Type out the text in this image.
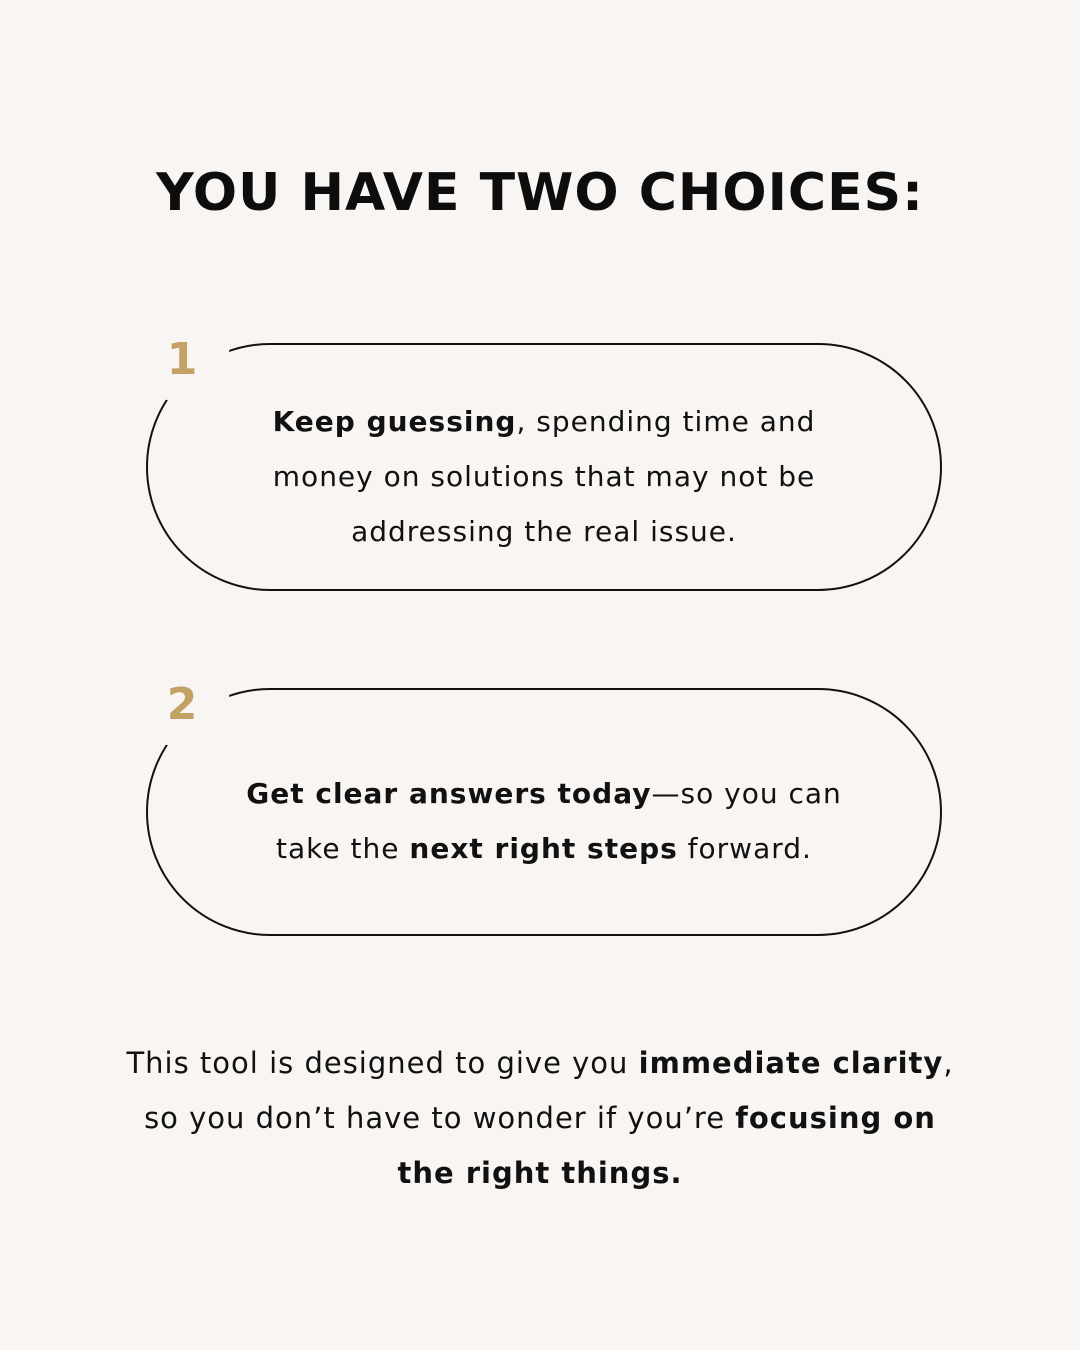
YOU HAVE TWO CHOICES:

Keep guessing, spending time and money on solutions that may not be addressing the real issue.

1

Get clear answers today—so you can take the next right steps forward.

2

This tool is designed to give you immediate clarity, so you don’t have to wonder if you’re focusing on the right things.
